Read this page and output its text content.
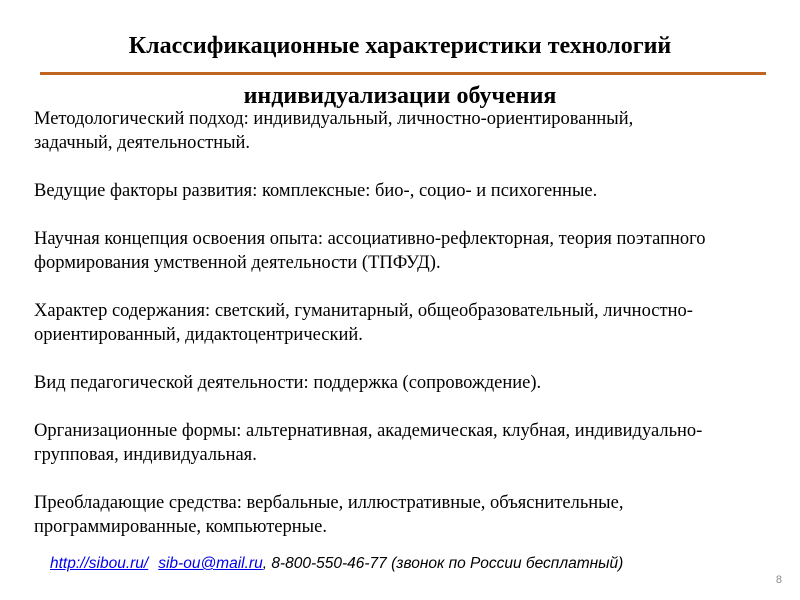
Классификационные характеристики технологий
индивидуализации обучения

Методологический подход: индивидуальный, личностно-ориентированный,
задачный, деятельностный.

Ведущие факторы развития: комплексные: био-, социо- и психогенные.

Научная концепция освоения опыта: ассоциативно-рефлекторная, теория поэтапного
формирования умственной деятельности (ТПФУД).

Характер содержания: светский, гуманитарный, общеобразовательный, личностно-
ориентированный, дидактоцентрический.

Вид педагогической деятельности: поддержка (сопровождение).

Организационные формы: альтернативная, академическая, клубная, индивидуально-
групповая, индивидуальная.

Преобладающие средства: вербальные, иллюстративные, объяснительные,
программированные, компьютерные.

http://sibou.ru/ sib-ou@mail.ru, 8-800-550-46-77 (звонок по России бесплатный)
8
